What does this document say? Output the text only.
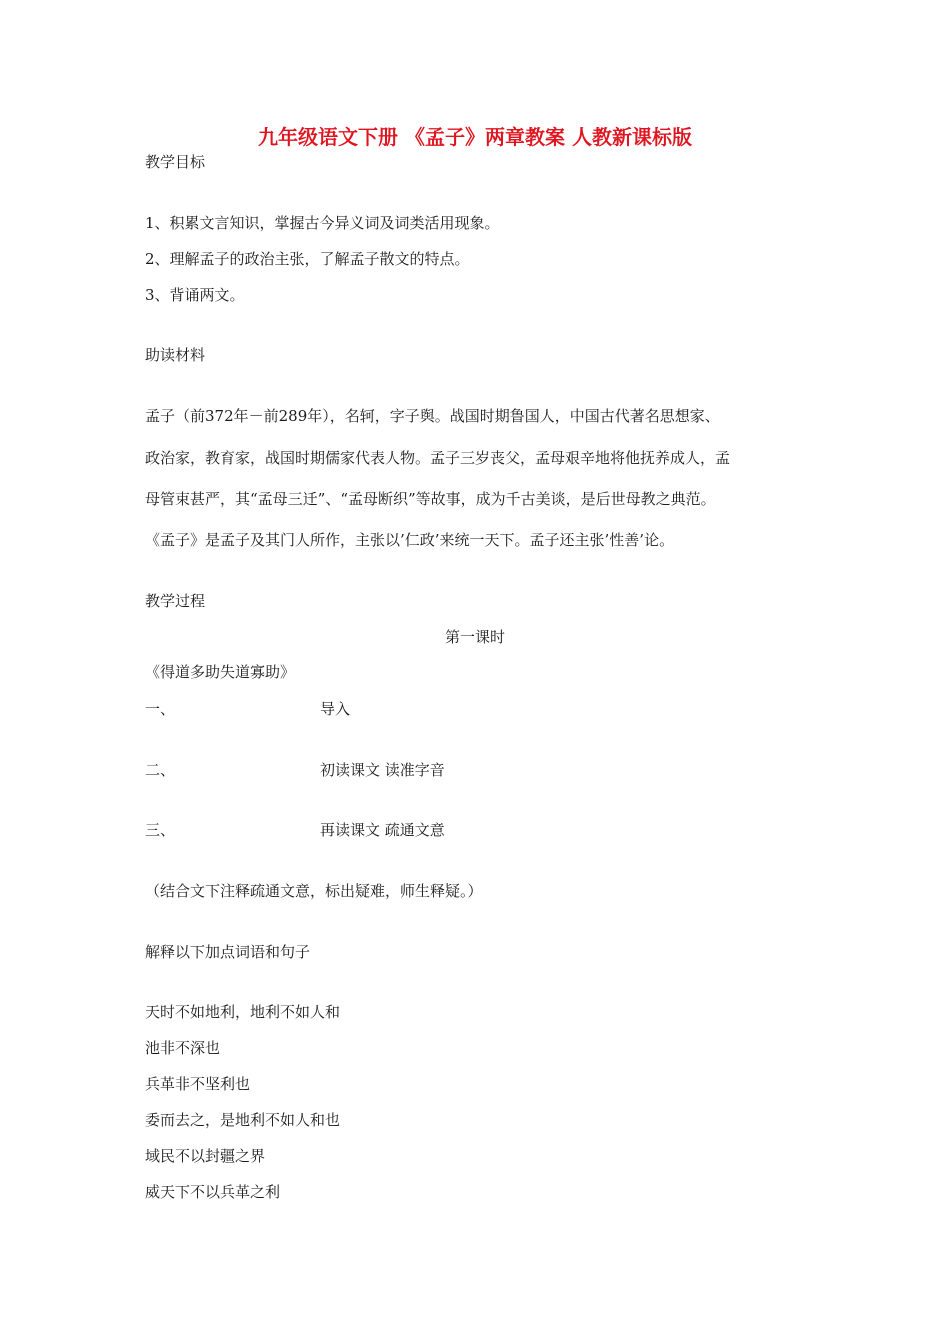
九年级语文下册 《孟子》两章教案 人教新课标版
教学目标
1、积累文言知识，掌握古今异义词及词类活用现象。
2、理解孟子的政治主张，了解孟子散文的特点。
3、背诵两文。
助读材料
孟子（前372年－前289年），名轲，字子舆。战国时期鲁国人，中国古代著名思想家、
政治家，教育家，战国时期儒家代表人物。孟子三岁丧父，孟母艰辛地将他抚养成人，孟
母管束甚严，其“孟母三迁”、“孟母断织”等故事，成为千古美谈，是后世母教之典范。
《孟子》是孟子及其门人所作，主张以’仁政’来统一天下。孟子还主张’性善’论。
教学过程
第一课时
《得道多助失道寡助》
一、	导入
二、	初读课文 读准字音
三、	再读课文 疏通文意
（结合文下注释疏通文意，标出疑难，师生释疑。）
解释以下加点词语和句子
天时不如地利，地利不如人和
池非不深也
兵革非不坚利也
委而去之，是地利不如人和也
域民不以封疆之界
威天下不以兵革之利
